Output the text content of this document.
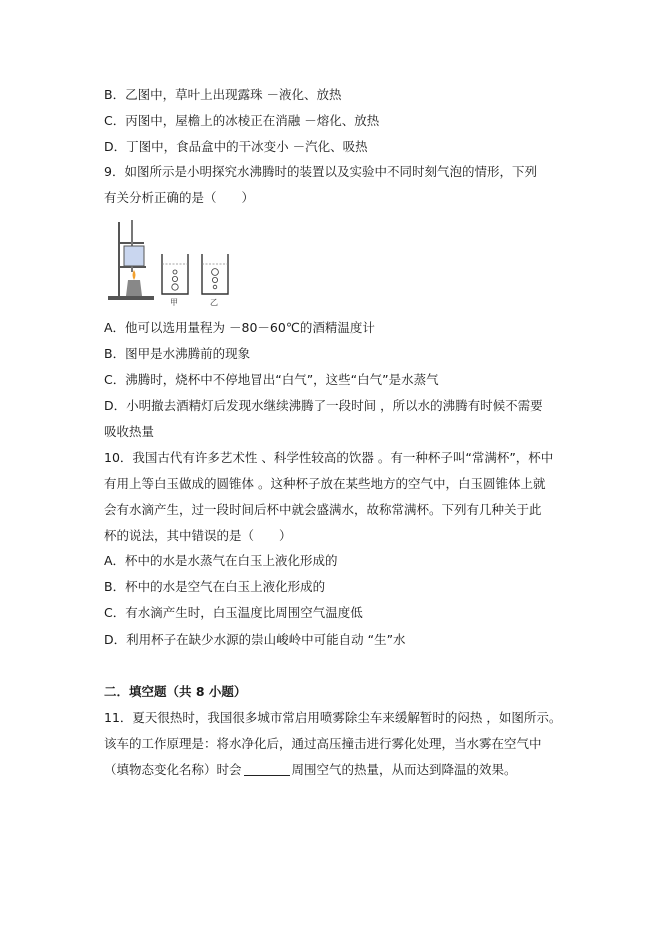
B．乙图中，草叶上出现露珠 －液化、放热
C．丙图中，屋檐上的冰棱正在消融 －熔化、放热
D．丁图中，食品盒中的干冰变小 －汽化、吸热
9．如图所示是小明探究水沸腾时的装置以及实验中不同时刻气泡的情形，下列
有关分析正确的是（　　）
甲	乙
A．他可以选用量程为 －80－60℃的酒精温度计
B．图甲是水沸腾前的现象
C．沸腾时，烧杯中不停地冒出“白气”，这些“白气”是水蒸气
D．小明撤去酒精灯后发现水继续沸腾了一段时间 ，所以水的沸腾有时候不需要
吸收热量
10．我国古代有许多艺术性 、科学性较高的饮器 。有一种杯子叫“常满杯”，杯中
有用上等白玉做成的圆锥体 。这种杯子放在某些地方的空气中，白玉圆锥体上就
会有水滴产生，过一段时间后杯中就会盛满水，故称常满杯。下列有几种关于此
杯的说法，其中错误的是（　　）
A．杯中的水是水蒸气在白玉上液化形成的
B．杯中的水是空气在白玉上液化形成的
C．有水滴产生时，白玉温度比周围空气温度低
D．利用杯子在缺少水源的崇山峻岭中可能自动 “生”水
二．填空题（共 8 小题）
11．夏天很热时，我国很多城市常启用喷雾除尘车来缓解暂时的闷热 ，如图所示。
该车的工作原理是：将水净化后，通过高压撞击进行雾化处理，当水雾在空气中
（填物态变化名称）时会	周围空气的热量，从而达到降温的效果。
